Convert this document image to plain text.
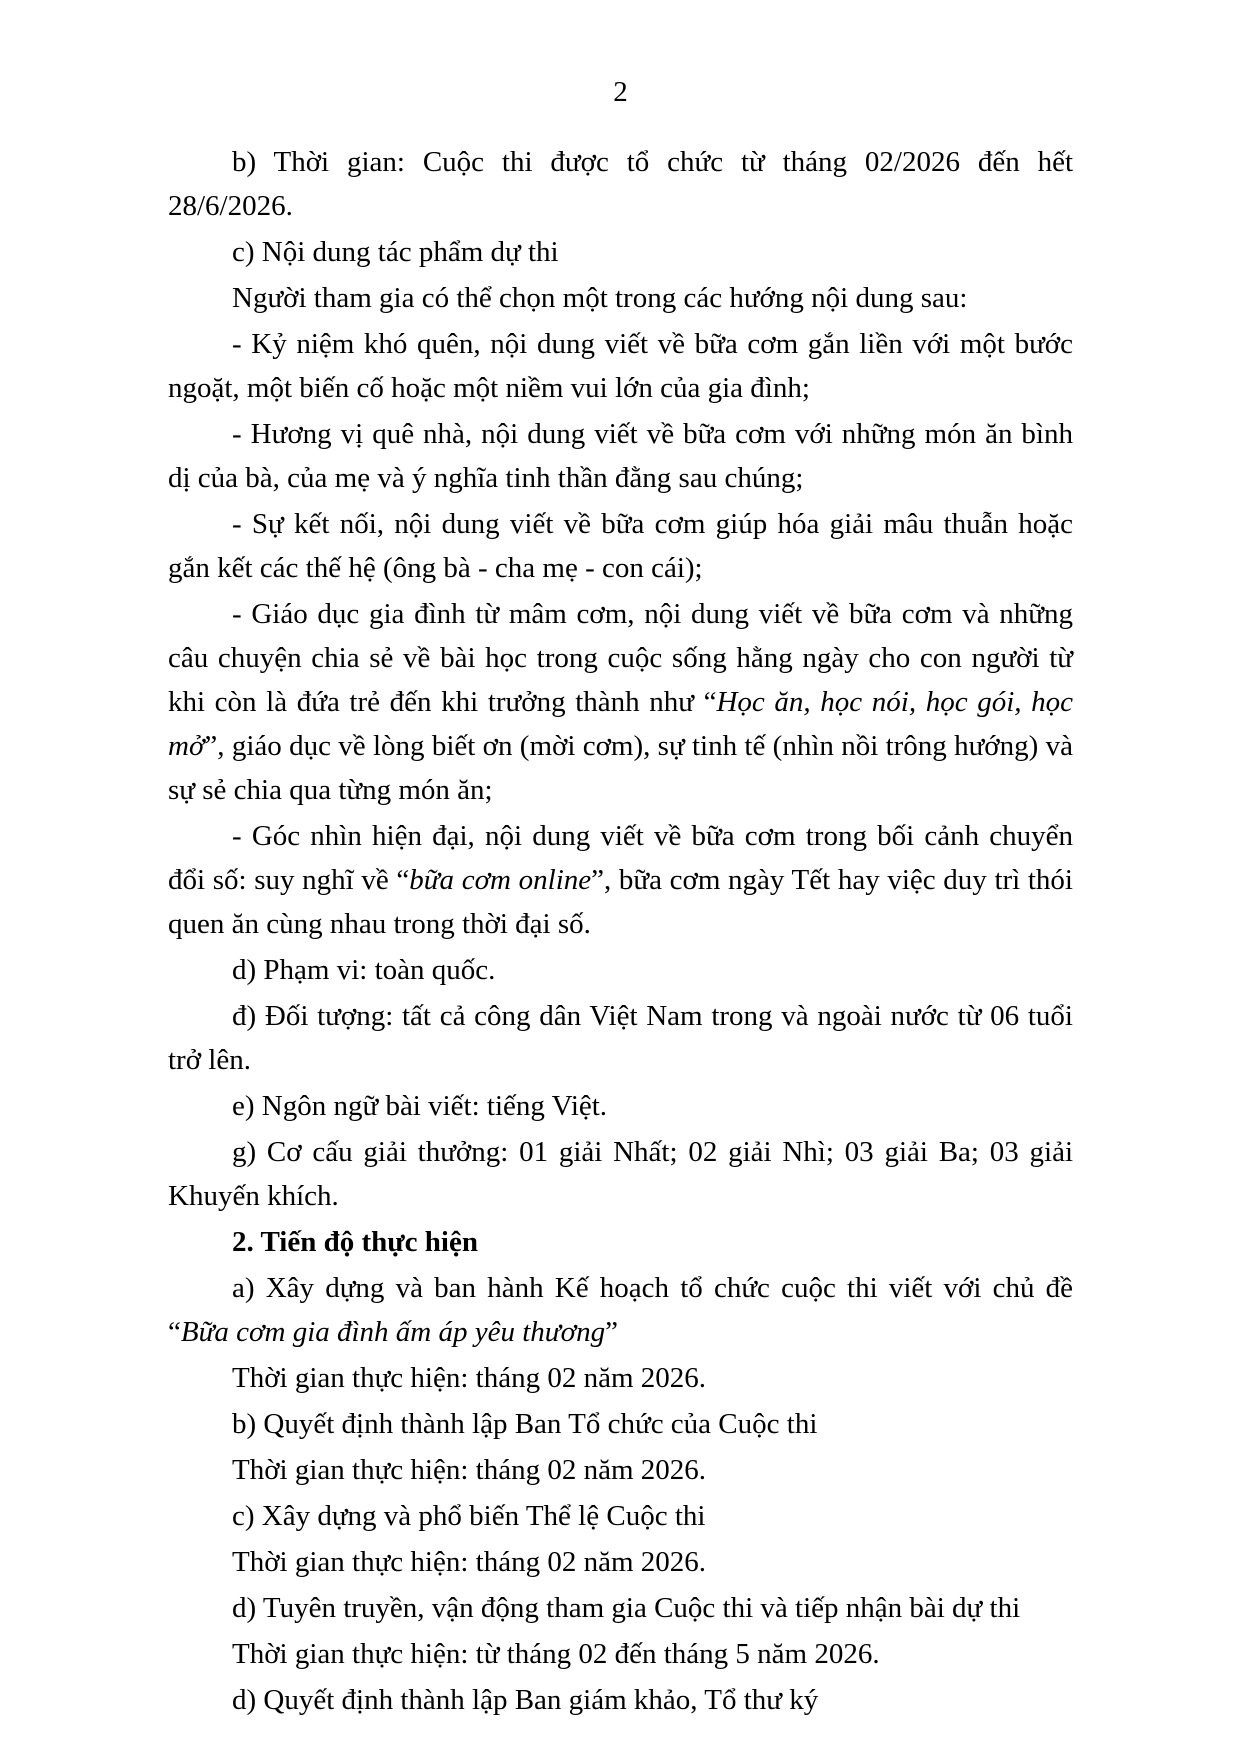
2

b) Thời gian: Cuộc thi được tổ chức từ tháng 02/2026 đến hết 28/6/2026.

c) Nội dung tác phẩm dự thi

Người tham gia có thể chọn một trong các hướng nội dung sau:

- Kỷ niệm khó quên, nội dung viết về bữa cơm gắn liền với một bước ngoặt, một biến cố hoặc một niềm vui lớn của gia đình;

- Hương vị quê nhà, nội dung viết về bữa cơm với những món ăn bình dị của bà, của mẹ và ý nghĩa tinh thần đằng sau chúng;

- Sự kết nối, nội dung viết về bữa cơm giúp hóa giải mâu thuẫn hoặc gắn kết các thế hệ (ông bà - cha mẹ - con cái);

- Giáo dục gia đình từ mâm cơm, nội dung viết về bữa cơm và những câu chuyện chia sẻ về bài học trong cuộc sống hằng ngày cho con người từ khi còn là đứa trẻ đến khi trưởng thành như “Học ăn, học nói, học gói, học mở”, giáo dục về lòng biết ơn (mời cơm), sự tinh tế (nhìn nồi trông hướng) và sự sẻ chia qua từng món ăn;

- Góc nhìn hiện đại, nội dung viết về bữa cơm trong bối cảnh chuyển đổi số: suy nghĩ về “bữa cơm online”, bữa cơm ngày Tết hay việc duy trì thói quen ăn cùng nhau trong thời đại số.

d) Phạm vi: toàn quốc.

đ) Đối tượng: tất cả công dân Việt Nam trong và ngoài nước từ 06 tuổi trở lên.

e) Ngôn ngữ bài viết: tiếng Việt.

g) Cơ cấu giải thưởng: 01 giải Nhất; 02 giải Nhì; 03 giải Ba; 03 giải Khuyến khích.

2. Tiến độ thực hiện

a) Xây dựng và ban hành Kế hoạch tổ chức cuộc thi viết với chủ đề “Bữa cơm gia đình ấm áp yêu thương”

Thời gian thực hiện: tháng 02 năm 2026.

b) Quyết định thành lập Ban Tổ chức của Cuộc thi

Thời gian thực hiện: tháng 02 năm 2026.

c) Xây dựng và phổ biến Thể lệ Cuộc thi

Thời gian thực hiện: tháng 02 năm 2026.

d) Tuyên truyền, vận động tham gia Cuộc thi và tiếp nhận bài dự thi

Thời gian thực hiện: từ tháng 02 đến tháng 5 năm 2026.

d) Quyết định thành lập Ban giám khảo, Tổ thư ký
